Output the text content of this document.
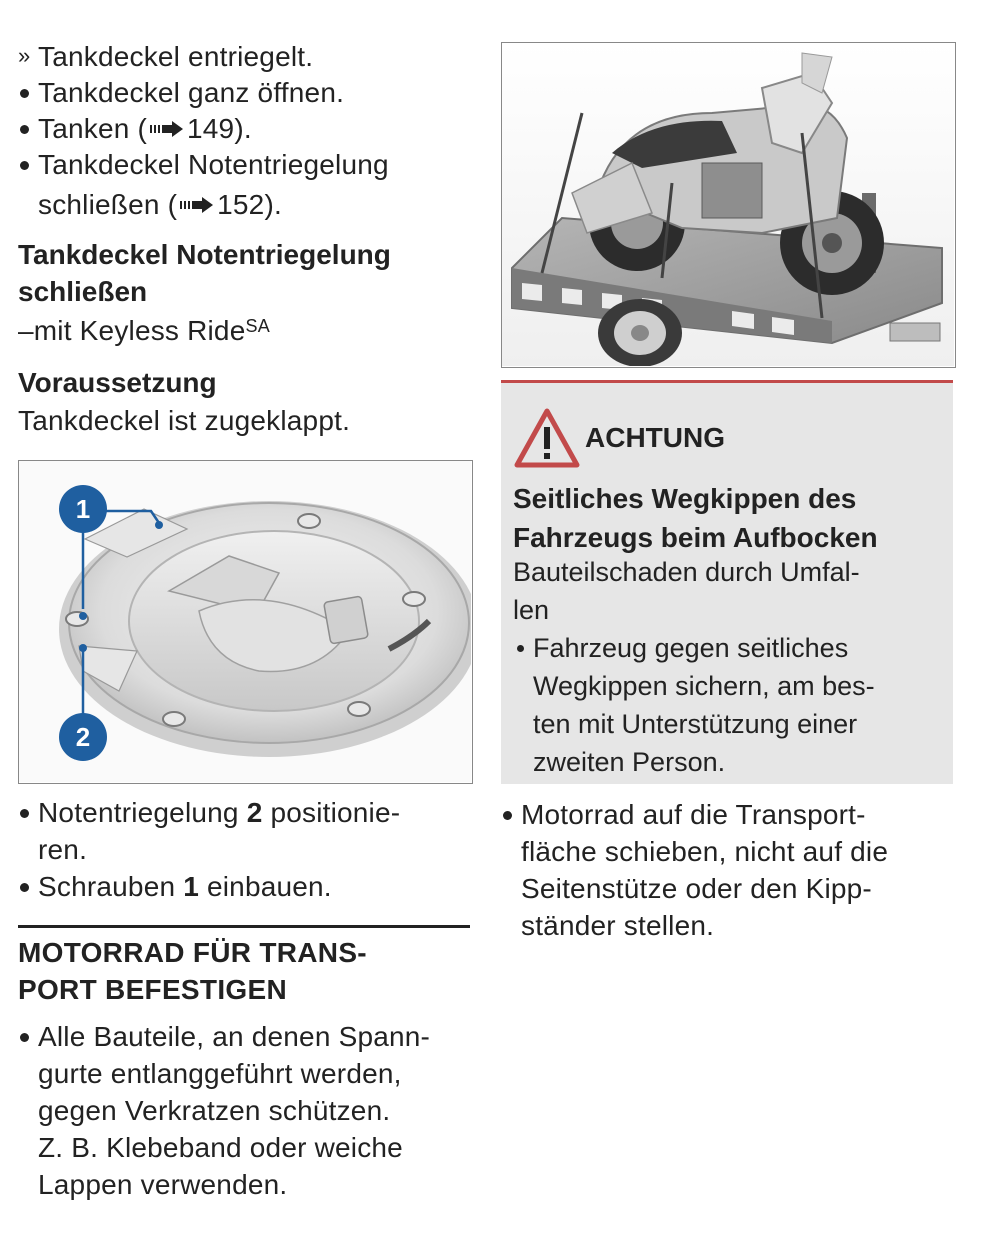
» Tankdeckel entriegelt.
Tankdeckel ganz öffnen.
Tanken ( 149).
Tankdeckel Notentriegelung
schließen ( 152).
Tankdeckel Notentriegelung
schließen
–mit Keyless Ride$^{SA}$
Voraussetzung
Tankdeckel ist zugeklappt.
1
2
Notentriegelung 2 positionie-
ren.
Schrauben 1 einbauen.
MOTORRAD FÜR TRANS-
PORT BEFESTIGEN
Alle Bauteile, an denen Spann-
gurte entlanggeführt werden,
gegen Verkratzen schützen.
Z. B. Klebeband oder weiche
Lappen verwenden.
ACHTUNG
Seitliches Wegkippen des
Fahrzeugs beim Aufbocken
Bauteilschaden durch Umfal-
len
Fahrzeug gegen seitliches
Wegkippen sichern, am bes-
ten mit Unterstützung einer
zweiten Person.
Motorrad auf die Transport-
fläche schieben, nicht auf die
Seitenstütze oder den Kipp-
ständer stellen.
